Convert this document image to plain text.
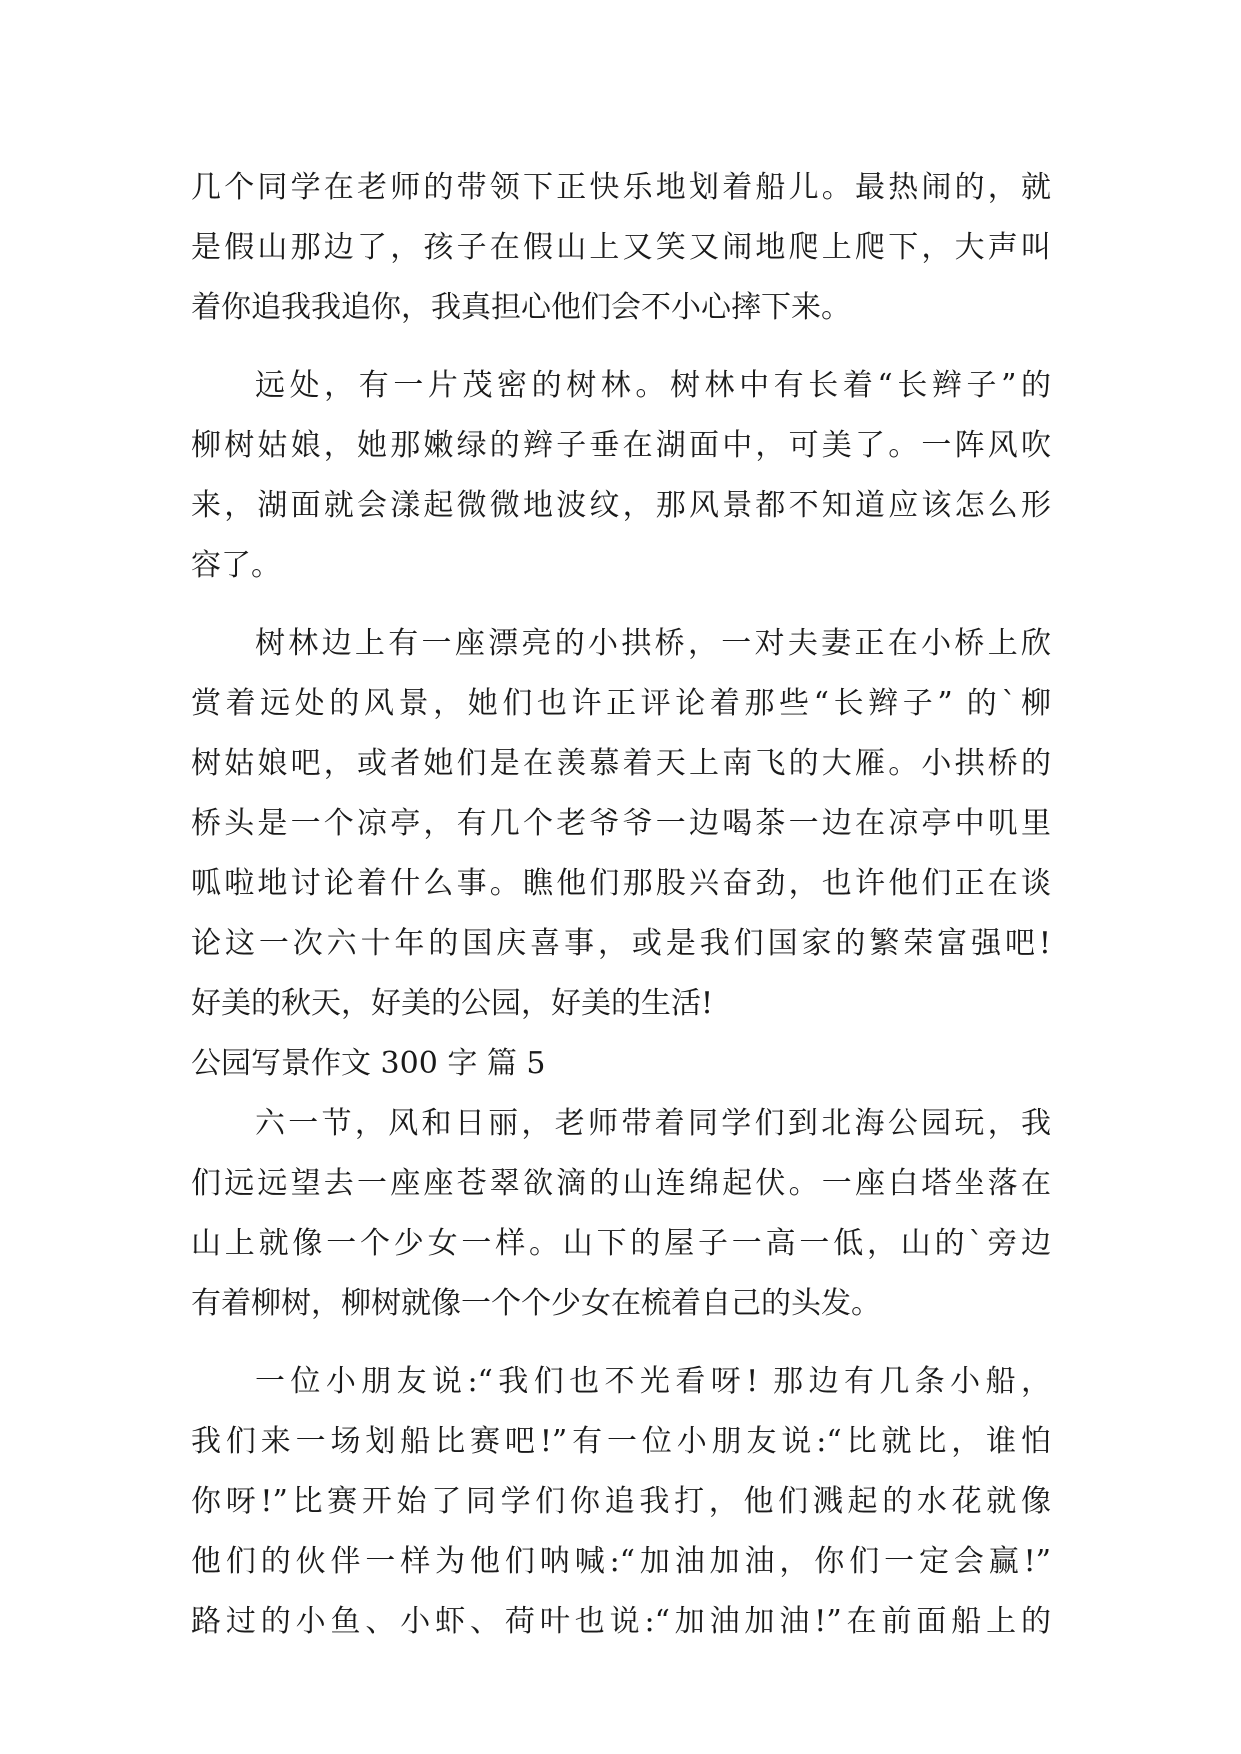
几个同学在老师的带领下正快乐地划着船儿。最热闹的，就
是假山那边了，孩子在假山上又笑又闹地爬上爬下，大声叫
着你追我我追你，我真担心他们会不小心摔下来。
远处，有一片茂密的树林。树林中有长着“长辫子”的
柳树姑娘，她那嫩绿的辫子垂在湖面中，可美了。一阵风吹
来，湖面就会漾起微微地波纹，那风景都不知道应该怎么形
容了。
树林边上有一座漂亮的小拱桥，一对夫妻正在小桥上欣
赏着远处的风景，她们也许正评论着那些“长辫子” 的`柳
树姑娘吧，或者她们是在羡慕着天上南飞的大雁。小拱桥的
桥头是一个凉亭，有几个老爷爷一边喝茶一边在凉亭中叽里
呱啦地讨论着什么事。瞧他们那股兴奋劲，也许他们正在谈
论这一次六十年的国庆喜事，或是我们国家的繁荣富强吧!
好美的秋天，好美的公园，好美的生活!
公园写景作文 300 字 篇 5
六一节，风和日丽，老师带着同学们到北海公园玩，我
们远远望去一座座苍翠欲滴的山连绵起伏。一座白塔坐落在
山上就像一个少女一样。山下的屋子一高一低，山的`旁边
有着柳树，柳树就像一个个少女在梳着自己的头发。
一位小朋友说:“我们也不光看呀! 那边有几条小船，
我们来一场划船比赛吧!”有一位小朋友说:“比就比，谁怕
你呀!”比赛开始了同学们你追我打，他们溅起的水花就像
他们的伙伴一样为他们呐喊:“加油加油，你们一定会赢!”
路过的小鱼、小虾、荷叶也说:“加油加油!”在前面船上的
